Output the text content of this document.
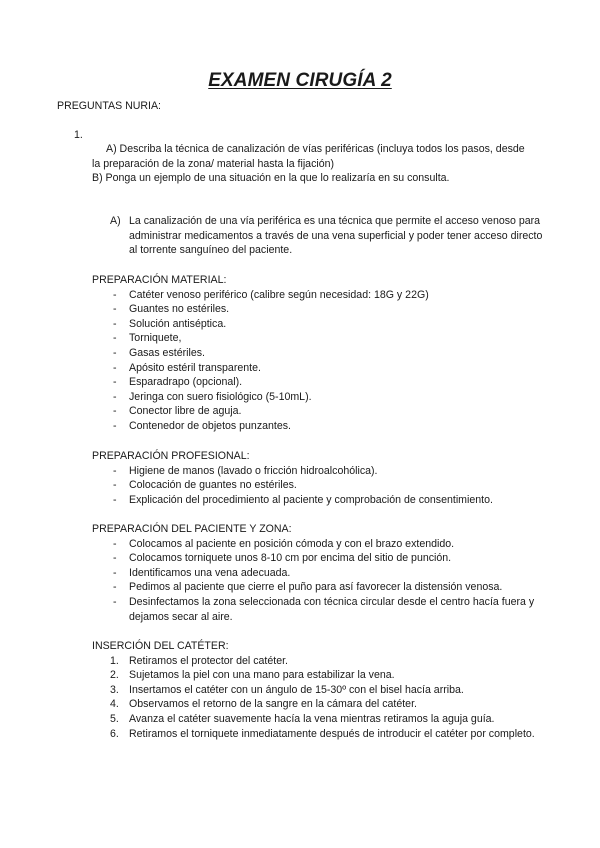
EXAMEN CIRUGÍA 2
PREGUNTAS NURIA:
1.

A) Describa la técnica de canalización de vías periféricas (incluya todos los pasos, desde

la preparación de la zona/ material hasta la fijación)

B) Ponga un ejemplo de una situación en la que lo realizaría en su consulta.

A) La canalización de una vía periférica es una técnica que permite el acceso venoso para administrar medicamentos a través de una vena superficial y poder tener acceso directo al torrente sanguíneo del paciente.

PREPARACIÓN MATERIAL:

- Catéter venoso periférico (calibre según necesidad: 18G y 22G)
- Guantes no estériles.
- Solución antiséptica.
- Torniquete,
- Gasas estériles.
- Apósito estéril transparente.
- Esparadrapo (opcional).
- Jeringa con suero fisiológico (5-10mL).
- Conector libre de aguja.
- Contenedor de objetos punzantes.

PREPARACIÓN PROFESIONAL:

- Higiene de manos (lavado o fricción hidroalcohólica).
- Colocación de guantes no estériles.
- Explicación del procedimiento al paciente y comprobación de consentimiento.

PREPARACIÓN DEL PACIENTE Y ZONA:

- Colocamos al paciente en posición cómoda y con el brazo extendido.
- Colocamos torniquete unos 8-10 cm por encima del sitio de punción.
- Identificamos una vena adecuada.
- Pedimos al paciente que cierre el puño para así favorecer la distensión venosa.
- Desinfectamos la zona seleccionada con técnica circular desde el centro hacía fuera y dejamos secar al aire.

INSERCIÓN DEL CATÉTER:

1. Retiramos el protector del catéter.
2. Sujetamos la piel con una mano para estabilizar la vena.
3. Insertamos el catéter con un ángulo de 15-30º con el bisel hacía arriba.
4. Observamos el retorno de la sangre en la cámara del catéter.
5. Avanza el catéter suavemente hacía la vena mientras retiramos la aguja guía.
6. Retiramos el torniquete inmediatamente después de introducir el catéter por completo.
